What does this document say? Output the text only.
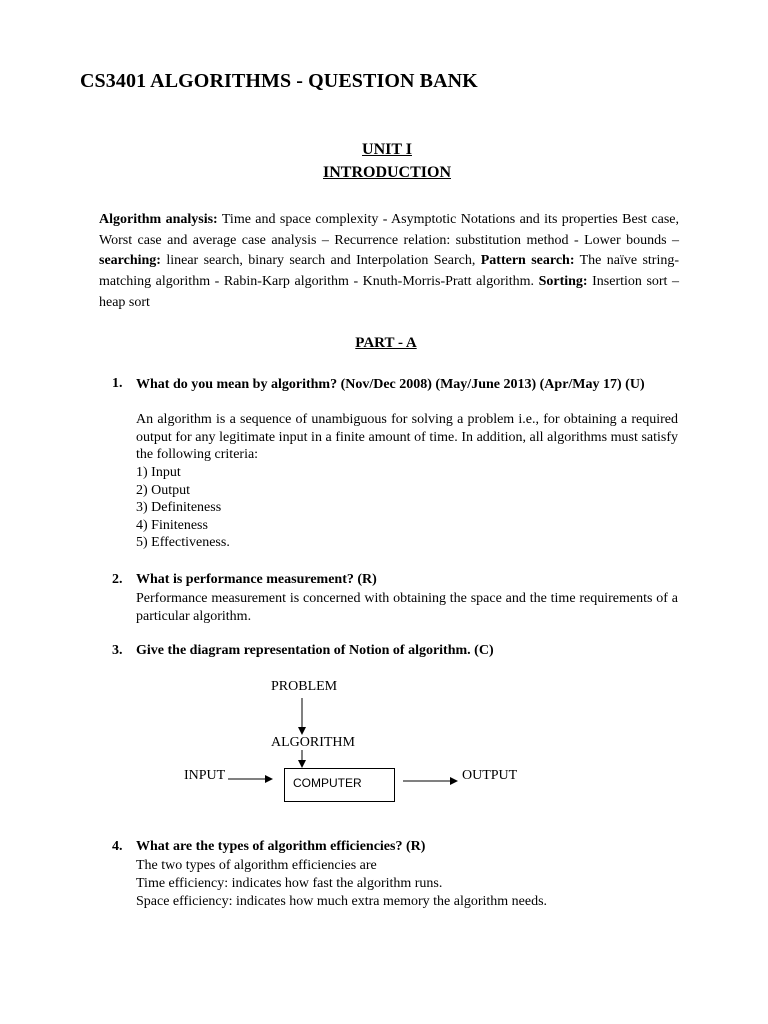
CS3401 ALGORITHMS - QUESTION BANK
UNIT I
INTRODUCTION

Algorithm analysis: Time and space complexity - Asymptotic Notations and its properties Best case, Worst case and average case analysis – Recurrence relation: substitution method - Lower bounds – searching: linear search, binary search and Interpolation Search, Pattern search: The naïve string- matching algorithm - Rabin-Karp algorithm - Knuth-Morris-Pratt algorithm. Sorting: Insertion sort – heap sort

PART - A
1. What do you mean by algorithm? (Nov/Dec 2008) (May/June 2013) (Apr/May 17) (U)
An algorithm is a sequence of unambiguous for solving a problem i.e., for obtaining a required output for any legitimate input in a finite amount of time. In addition, all algorithms must satisfy the following criteria:
1) Input
2) Output
3) Definiteness
4) Finiteness
5) Effectiveness.
2. What is performance measurement? (R)
Performance measurement is concerned with obtaining the space and the time requirements of a particular algorithm.
3. Give the diagram representation of Notion of algorithm. (C)
PROBLEM
ALGORITHM
INPUT	COMPUTER	OUTPUT
4. What are the types of algorithm efficiencies? (R)
The two types of algorithm efficiencies are
Time efficiency: indicates how fast the algorithm runs.
Space efficiency: indicates how much extra memory the algorithm needs.
